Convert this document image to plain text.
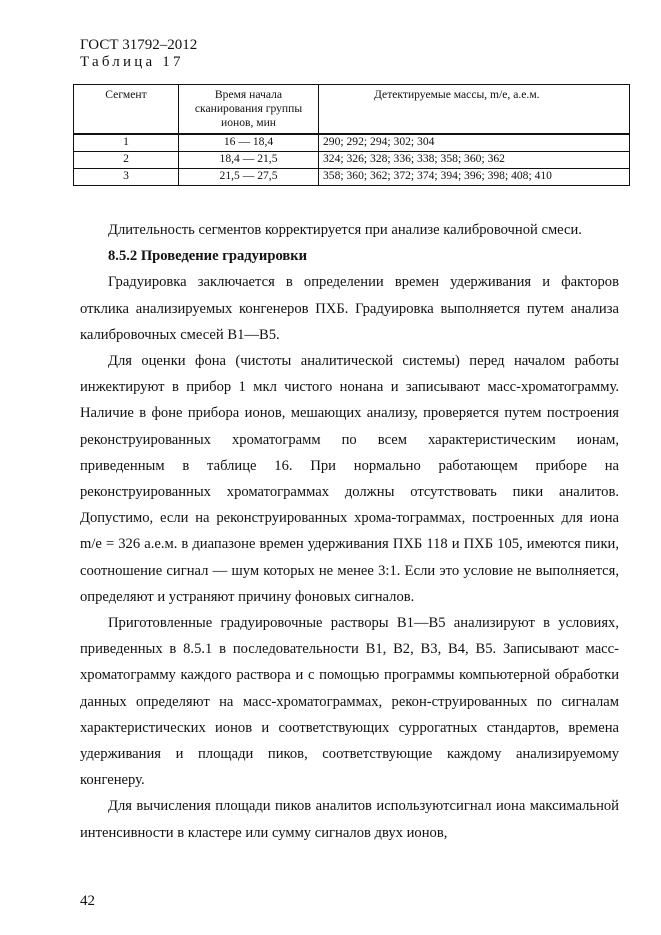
ГОСТ 31792–2012
Таблица 17
Сегмент	Время начала сканирования группы ионов, мин	Детектируемые массы, m/e, а.е.м.
1	16 — 18,4	290; 292; 294; 302; 304
2	18,4 — 21,5	324; 326; 328; 336; 338; 358; 360; 362
3	21,5 — 27,5	358; 360; 362; 372; 374; 394; 396; 398; 408; 410

Длительность сегментов корректируется при анализе калибровочной смеси.

8.5.2 Проведение градуировки

Градуировка заключается в определении времен удерживания и факторов отклика анализируемых конгенеров ПХБ. Градуировка выполняется путем анализа калибровочных смесей В1—В5.

Для оценки фона (чистоты аналитической системы) перед началом работы инжектируют в прибор 1 мкл чистого нонана и записывают масс-хроматограмму. Наличие в фоне прибора ионов, мешающих анализу, проверяется путем построения реконструированных хроматограмм по всем характеристическим ионам, приведенным в таблице 16. При нормально работающем приборе на реконструированных хроматограммах должны отсутствовать пики аналитов. Допустимо, если на реконструированных хрома-тограммах, построенных для иона m/e = 326 а.е.м. в диапазоне времен удерживания ПХБ 118 и ПХБ 105, имеются пики, соотношение сигнал — шум которых не менее 3:1. Если это условие не выполняется, определяют и устраняют причину фоновых сигналов.

Приготовленные градуировочные растворы В1—В5 анализируют в условиях, приведенных в 8.5.1 в последовательности В1, В2, В3, В4, В5. Записывают масс-хроматограмму каждого раствора и с помощью программы компьютерной обработки данных определяют на масс-хроматограммах, рекон-струированных по сигналам характеристических ионов и соответствующих суррогатных стандартов, времена удерживания и площади пиков, соответствующие каждому анализируемому конгенеру.

Для вычисления площади пиков аналитов используютсигнал иона максимальной интенсивности в кластере или сумму сигналов двух ионов,

42
